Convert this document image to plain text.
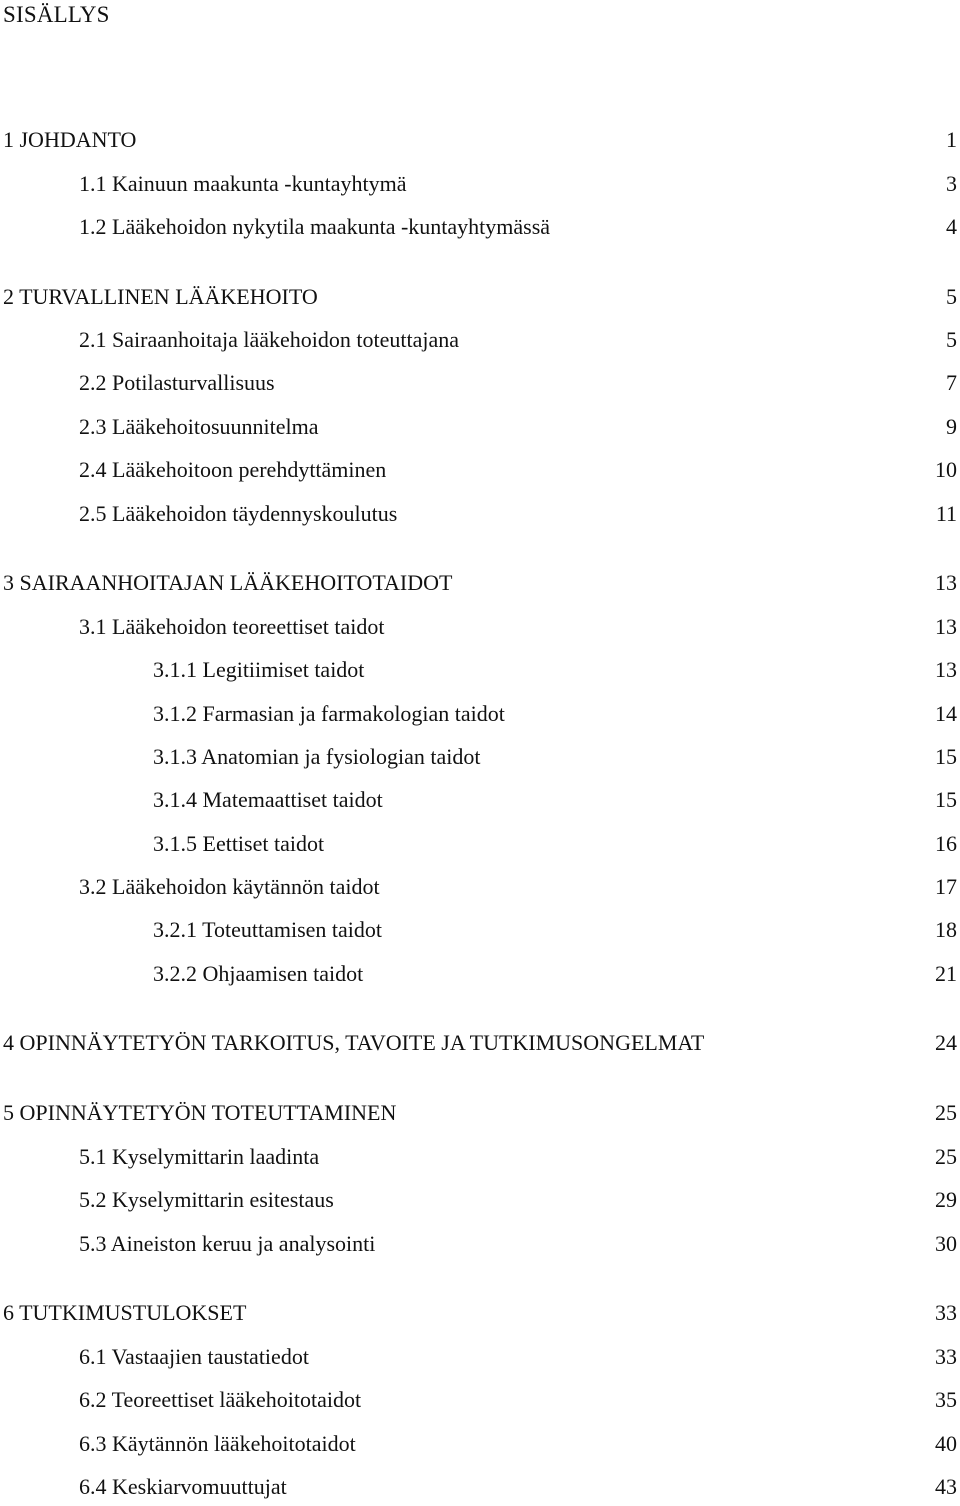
SISÄLLYS
1 JOHDANTO	1
1.1 Kainuun maakunta -kuntayhtymä	3
1.2 Lääkehoidon nykytila maakunta -kuntayhtymässä	4
2 TURVALLINEN LÄÄKEHOITO	5
2.1 Sairaanhoitaja lääkehoidon toteuttajana	5
2.2 Potilasturvallisuus	7
2.3 Lääkehoitosuunnitelma	9
2.4 Lääkehoitoon perehdyttäminen	10
2.5 Lääkehoidon täydennyskoulutus	11
3 SAIRAANHOITAJAN LÄÄKEHOITOTAIDOT	13
3.1 Lääkehoidon teoreettiset taidot	13
3.1.1 Legitiimiset taidot	13
3.1.2 Farmasian ja farmakologian taidot	14
3.1.3 Anatomian ja fysiologian taidot	15
3.1.4 Matemaattiset taidot	15
3.1.5 Eettiset taidot	16
3.2 Lääkehoidon käytännön taidot	17
3.2.1 Toteuttamisen taidot	18
3.2.2 Ohjaamisen taidot	21
4 OPINNÄYTETYÖN TARKOITUS, TAVOITE JA TUTKIMUSONGELMAT	24
5 OPINNÄYTETYÖN TOTEUTTAMINEN	25
5.1 Kyselymittarin laadinta	25
5.2 Kyselymittarin esitestaus	29
5.3 Aineiston keruu ja analysointi	30
6 TUTKIMUSTULOKSET	33
6.1 Vastaajien taustatiedot	33
6.2 Teoreettiset lääkehoitotaidot	35
6.3 Käytännön lääkehoitotaidot	40
6.4 Keskiarvomuuttujat	43
